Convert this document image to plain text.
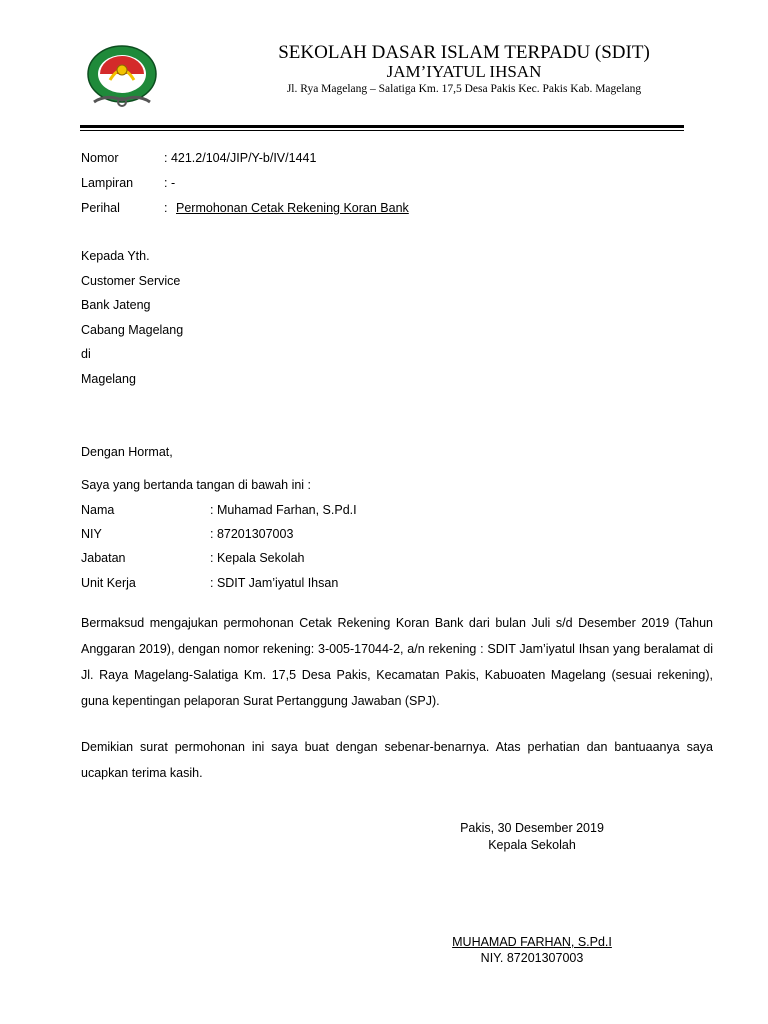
SEKOLAH DASAR ISLAM TERPADU (SDIT)
JAM’IYATUL IHSAN
Jl. Rya Magelang – Salatiga Km. 17,5 Desa Pakis Kec. Pakis Kab. Magelang
Nomor	: 421.2/104/JIP/Y-b/IV/1441
Lampiran : -
Perihal	: Permohonan Cetak Rekening Koran Bank
Kepada Yth.
Customer Service
Bank Jateng
Cabang Magelang
di
Magelang
Dengan Hormat,
Saya yang bertanda tangan di bawah ini :
Nama	: Muhamad Farhan, S.Pd.I
NIY	: 87201307003
Jabatan	: Kepala Sekolah
Unit Kerja	: SDIT Jam’iyatul Ihsan
Bermaksud mengajukan permohonan Cetak Rekening Koran Bank dari bulan Juli s/d Desember 2019 (Tahun Anggaran 2019), dengan nomor rekening: 3-005-17044-2, a/n rekening : SDIT Jam’iyatul Ihsan yang beralamat di Jl. Raya Magelang-Salatiga Km. 17,5 Desa Pakis, Kecamatan Pakis, Kabuoaten Magelang (sesuai rekening), guna kepentingan pelaporan Surat Pertanggung Jawaban (SPJ).
Demikian surat permohonan ini saya buat dengan sebenar-benarnya. Atas perhatian dan bantuaanya saya ucapkan terima kasih.
Pakis, 30 Desember 2019
Kepala Sekolah
MUHAMAD FARHAN, S.Pd.I
NIY. 87201307003
